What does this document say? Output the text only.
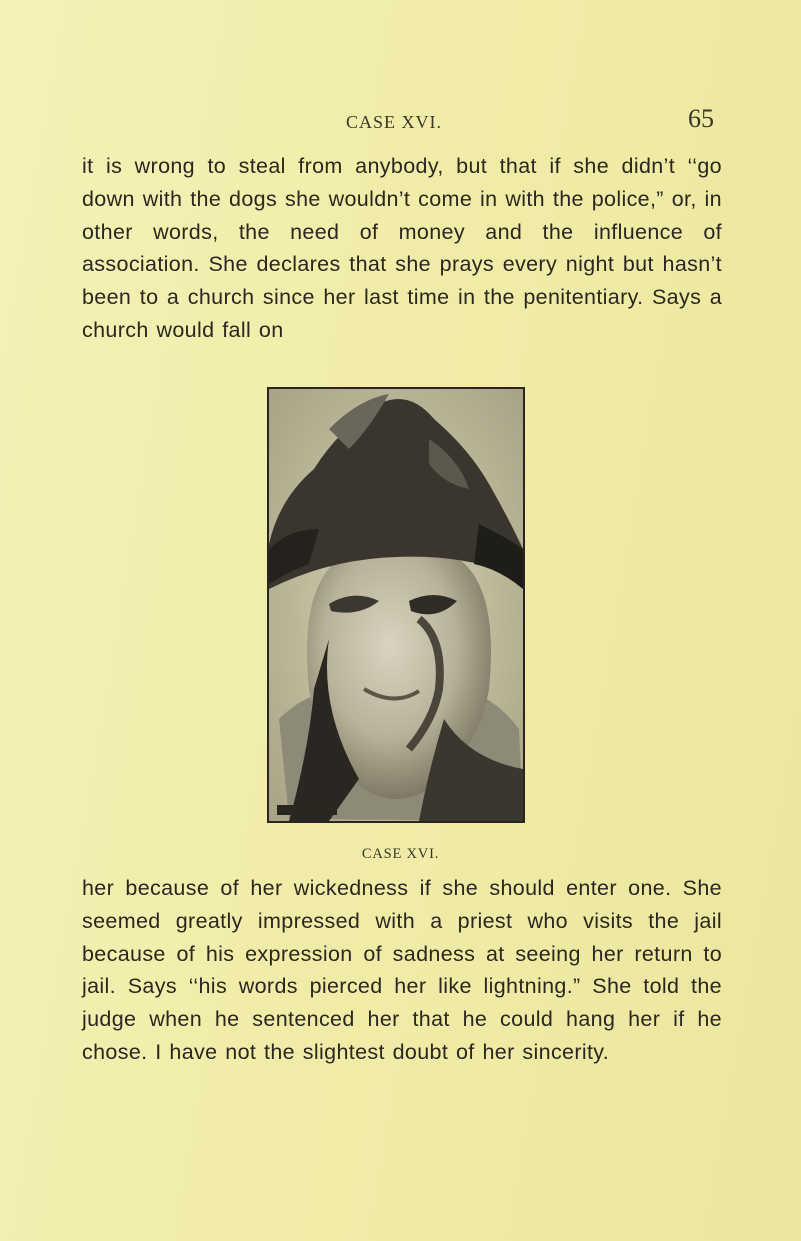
CASE XVI.	65
it is wrong to steal from anybody, but that if she didn’t ‘‘go down with the dogs she wouldn’t come in with the police,” or, in other words, the need of money and the influence of association. She declares that she prays every night but hasn’t been to a church since her last time in the penitentiary. Says a church would fall on
CASE XVI.
her because of her wickedness if she should enter one. She seemed greatly impressed with a priest who visits the jail because of his expression of sadness at seeing her return to jail. Says ‘‘his words pierced her like lightning.” She told the judge when he sentenced her that he could hang her if he chose. I have not the slightest doubt of her sincerity.
